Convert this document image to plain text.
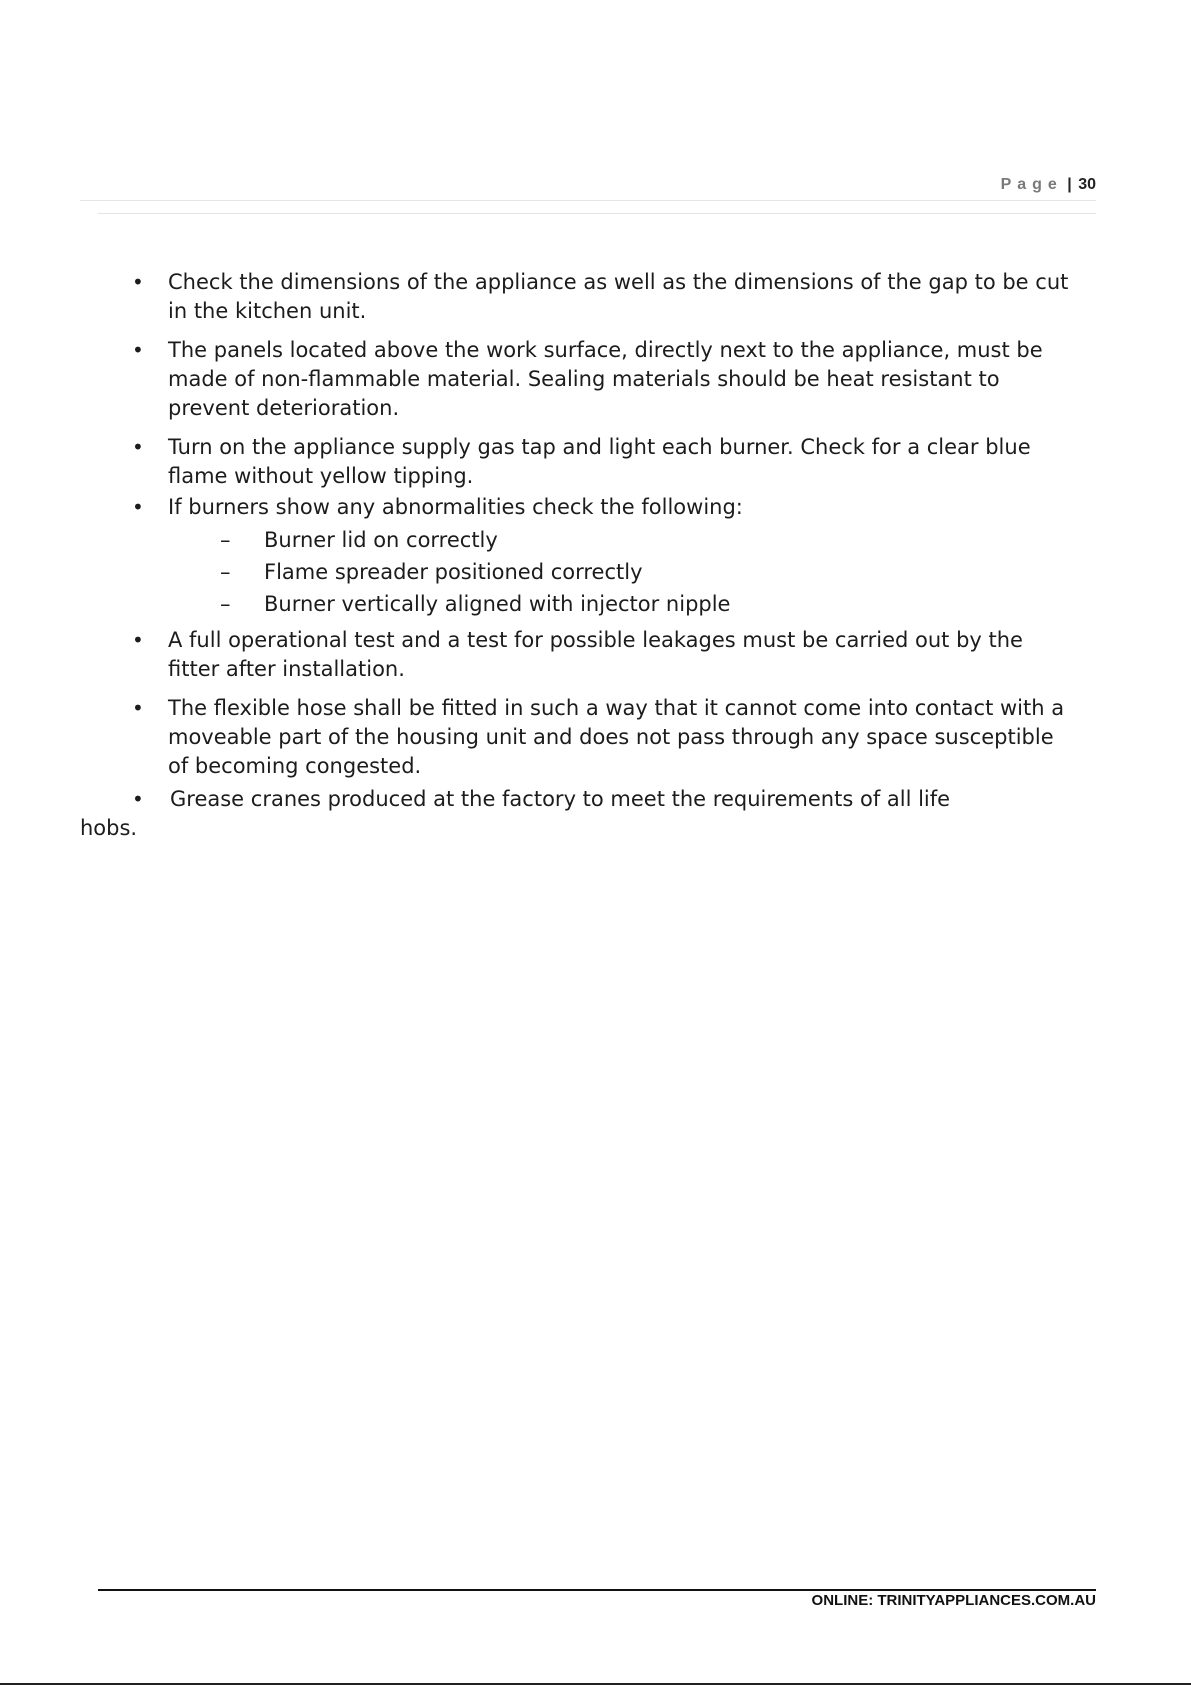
Page | 30
• Check the dimensions of the appliance as well as the dimensions of the gap to be cut in the kitchen unit.
• The panels located above the work surface, directly next to the appliance, must be made of non-flammable material. Sealing materials should be heat resistant to prevent deterioration.
• Turn on the appliance supply gas tap and light each burner. Check for a clear blue flame without yellow tipping.
• If burners show any abnormalities check the following:
– Burner lid on correctly
– Flame spreader positioned correctly
– Burner vertically aligned with injector nipple
• A full operational test and a test for possible leakages must be carried out by the fitter after installation.
• The flexible hose shall be fitted in such a way that it cannot come into contact with a moveable part of the housing unit and does not pass through any space susceptible of becoming congested.
• Grease cranes produced at the factory to meet the requirements of all life
hobs.
ONLINE: TRINITYAPPLIANCES.COM.AU
